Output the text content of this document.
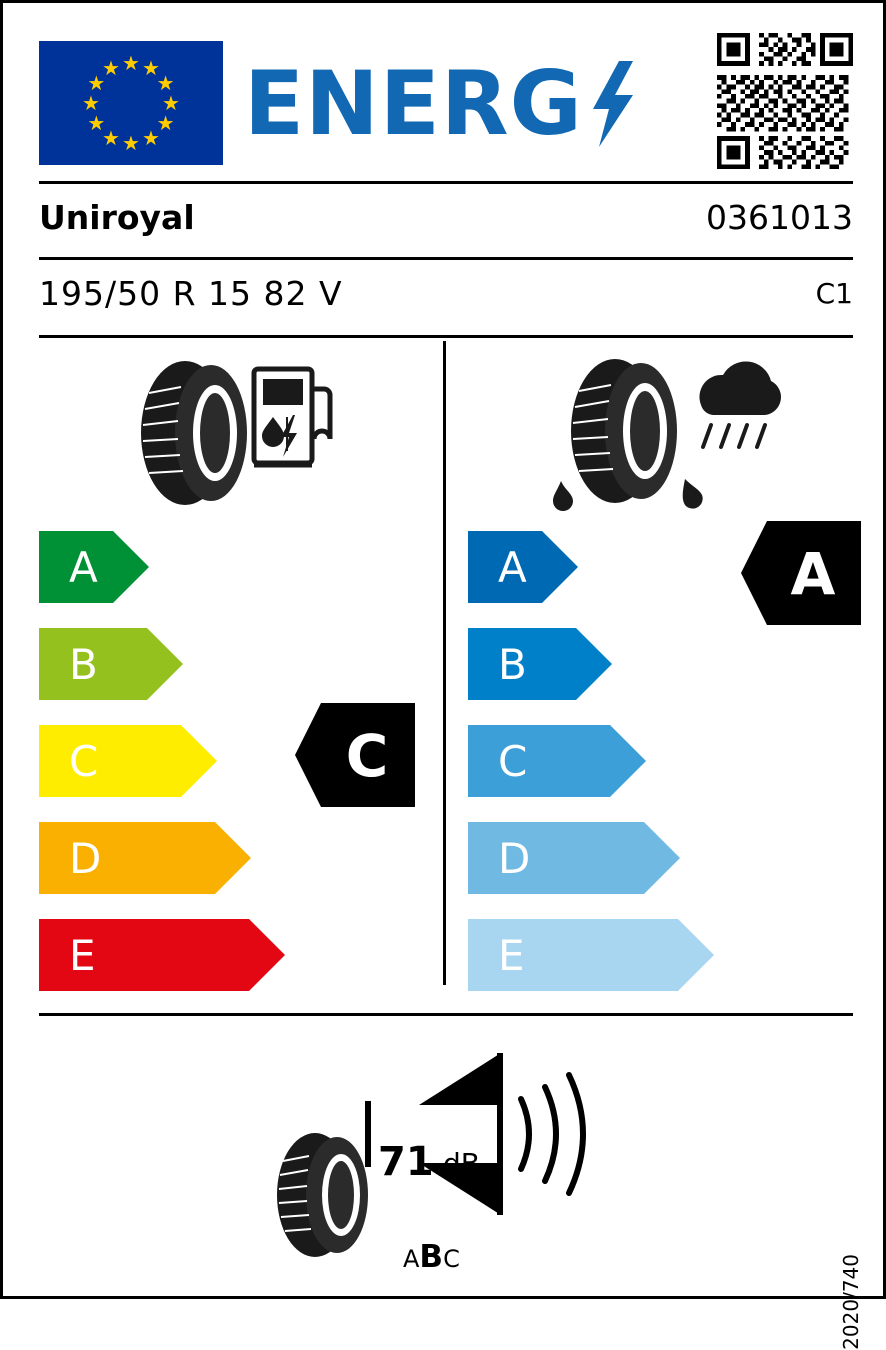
★ ★
★
★
★
★
★
★
★
★
★
★ ENERG
Uniroyal	0361013
195/50 R 15 82 V	C1
A
B
C
D
E
A
B
C
D
E
C
A
71 dB
ABC	2020/740
